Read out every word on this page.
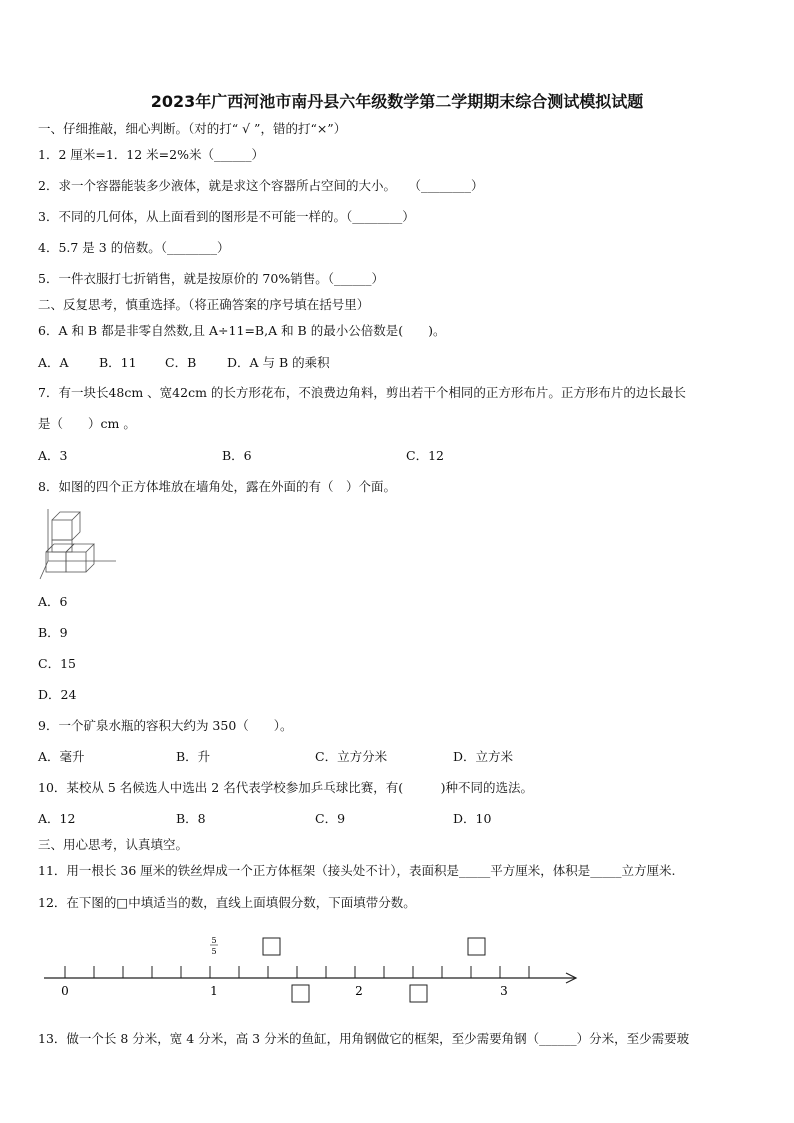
2023年广西河池市南丹县六年级数学第二学期期末综合测试模拟试题
一、仔细推敲，细心判断。（对的打“ √ ”，错的打“×”）
1．2 厘米=1．12 米=2%米（______）
2．求一个容器能装多少液体，就是求这个容器所占空间的大小。　　（________）
3．不同的几何体，从上面看到的图形是不可能一样的。（________）
4．5.7 是 3 的倍数。（________）
5．一件衣服打七折销售，就是按原价的 70%销售。（______）
二、反复思考，慎重选择。（将正确答案的序号填在括号里）
6．A 和 B 都是非零自然数,且 A÷11=B,A 和 B 的最小公倍数是(　　)。
A．A B．11 C．B D．A 与 B 的乘积
7．有一块长48cm 、宽42cm 的长方形花布，不浪费边角料，剪出若干个相同的正方形布片。正方形布片的边长最长
是（　　）cm 。
A．3	B．6	C．12
8．如图的四个正方体堆放在墙角处，露在外面的有（　）个面。
A．6
B．9
C．15
D．24
9．一个矿泉水瓶的容积大约为 350（　　）。
A．毫升	B．升	C．立方分米	D．立方米
10．某校从 5 名候选人中选出 2 名代表学校参加乒乓球比赛，有(　　　)种不同的选法。
A．12	B．8	C．9	D．10
三、用心思考，认真填空。
11．用一根长 36 厘米的铁丝焊成一个正方体框架（接头处不计），表面积是_____平方厘米，体积是_____立方厘米.
12．在下图的□中填适当的数，直线上面填假分数，下面填带分数。
0	1	2	3
5
5
13．做一个长 8 分米，宽 4 分米，高 3 分米的鱼缸，用角钢做它的框架，至少需要角钢（______）分米，至少需要玻
